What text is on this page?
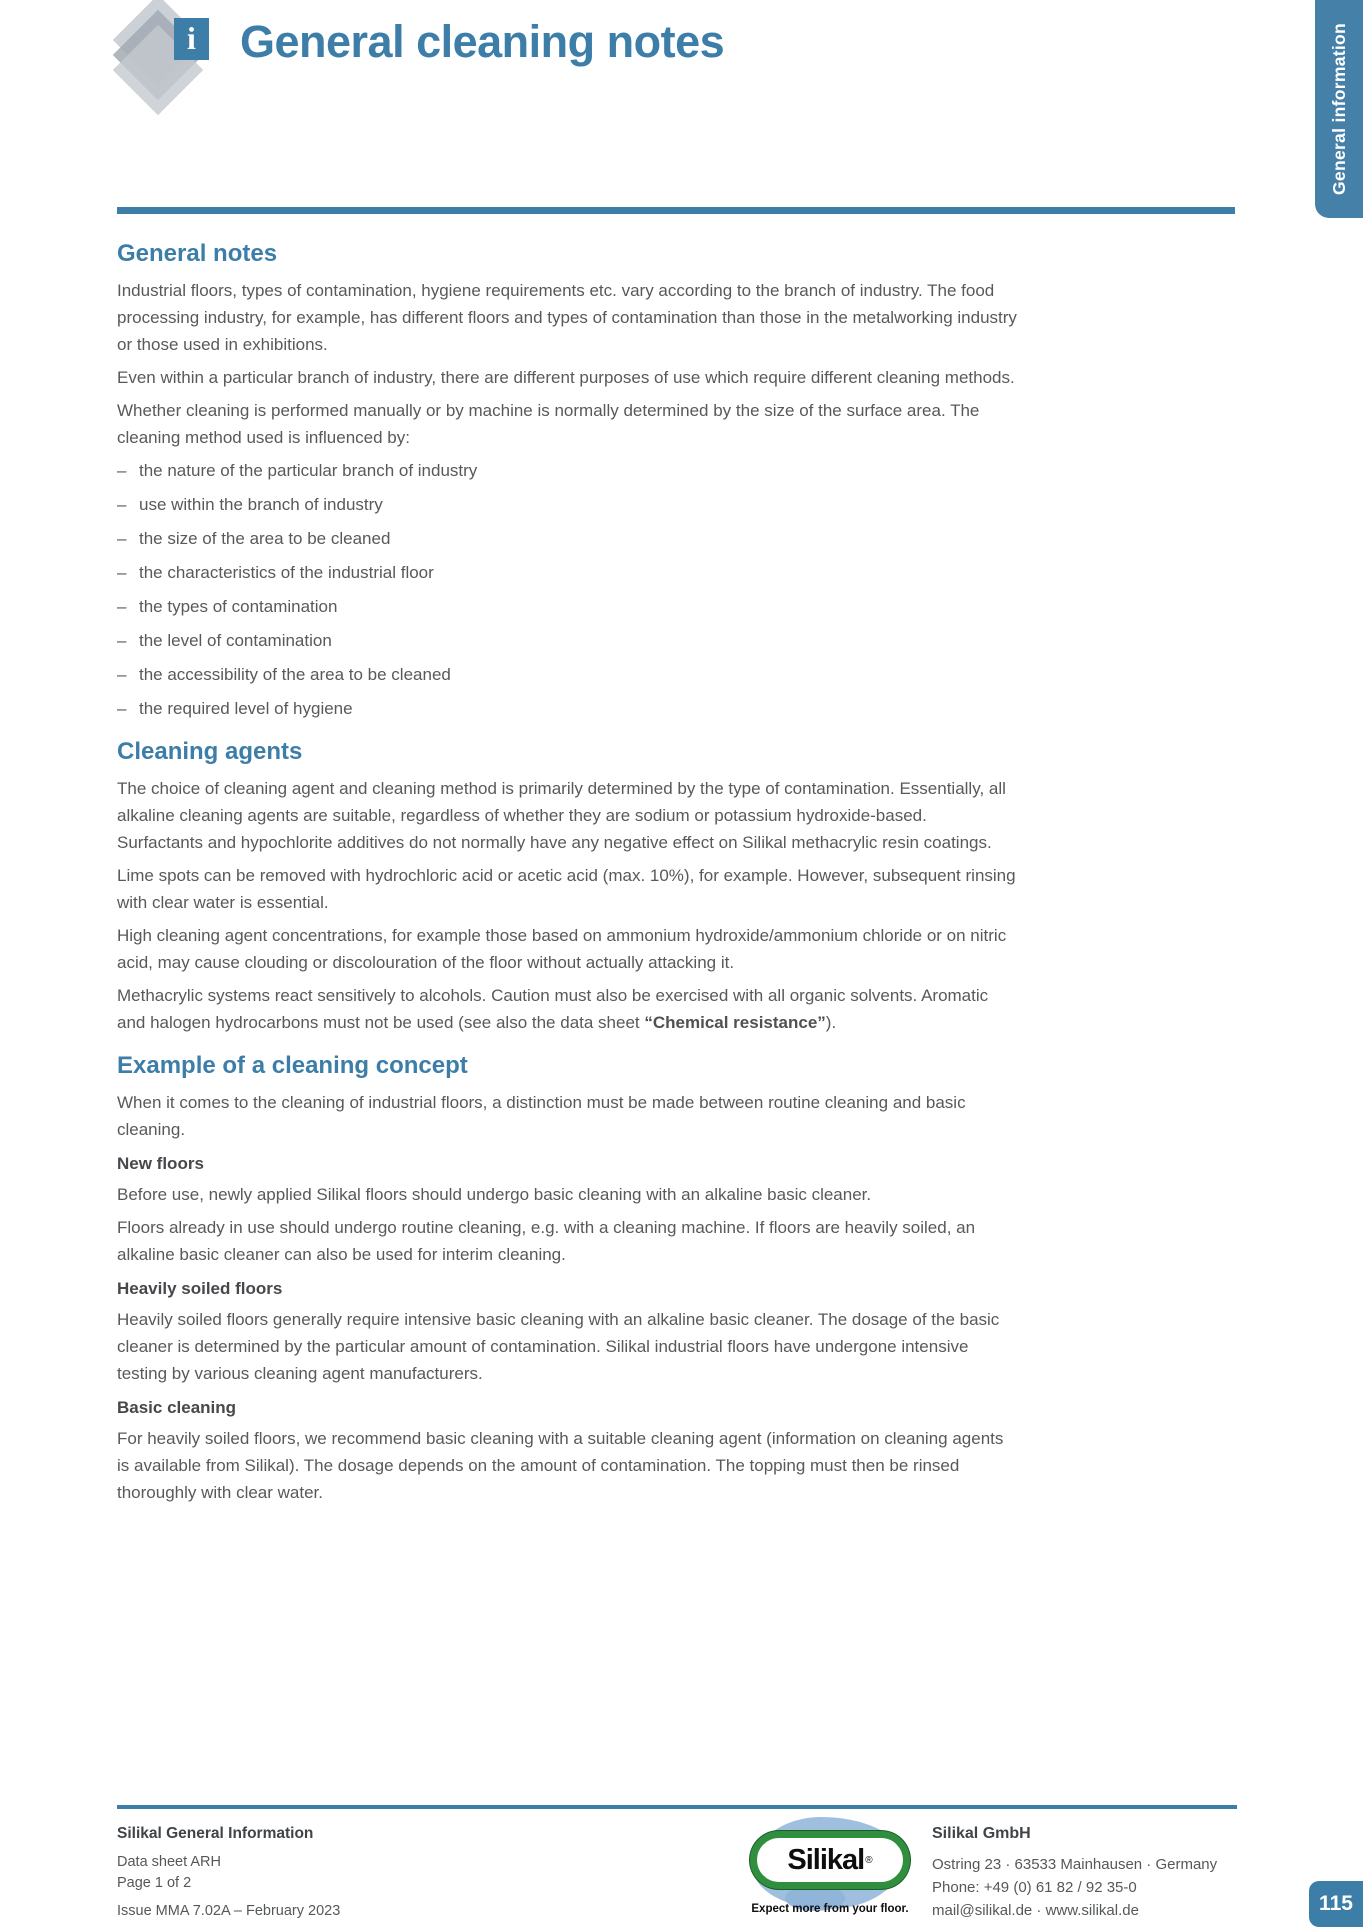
i General cleaning notes	General information
General notes

Industrial floors, types of contamination, hygiene requirements etc. vary according to the branch of industry. The food processing industry, for example, has different floors and types of contamination than those in the metalworking industry or those used in exhibitions.

Even within a particular branch of industry, there are different purposes of use which require different cleaning methods.

Whether cleaning is performed manually or by machine is normally determined by the size of the surface area. The cleaning method used is influenced by:

– the nature of the particular branch of industry
– use within the branch of industry
– the size of the area to be cleaned
– the characteristics of the industrial floor
– the types of contamination
– the level of contamination
– the accessibility of the area to be cleaned
– the required level of hygiene
Cleaning agents

The choice of cleaning agent and cleaning method is primarily determined by the type of contamination. Essentially, all alkaline cleaning agents are suitable, regardless of whether they are sodium or potassium hydroxide-based. Surfactants and hypochlorite additives do not normally have any negative effect on Silikal methacrylic resin coatings.

Lime spots can be removed with hydrochloric acid or acetic acid (max. 10%), for example. However, subsequent rinsing with clear water is essential.

High cleaning agent concentrations, for example those based on ammonium hydroxide/ammonium chloride or on nitric acid, may cause clouding or discolouration of the floor without actually attacking it.

Methacrylic systems react sensitively to alcohols. Caution must also be exercised with all organic solvents. Aromatic and halogen hydrocarbons must not be used (see also the data sheet “Chemical resistance”).

Example of a cleaning concept

When it comes to the cleaning of industrial floors, a distinction must be made between routine cleaning and basic cleaning.

New floors

Before use, newly applied Silikal floors should undergo basic cleaning with an alkaline basic cleaner.

Floors already in use should undergo routine cleaning, e.g. with a cleaning machine. If floors are heavily soiled, an alkaline basic cleaner can also be used for interim cleaning.

Heavily soiled floors

Heavily soiled floors generally require intensive basic cleaning with an alkaline basic cleaner. The dosage of the basic cleaner is determined by the particular amount of contamination. Silikal industrial floors have undergone intensive testing by various cleaning agent manufacturers.

Basic cleaning

For heavily soiled floors, we recommend basic cleaning with a suitable cleaning agent (information on cleaning agents is available from Silikal). The dosage depends on the amount of contamination. The topping must then be rinsed thoroughly with clear water.

Silikal General Information
Data sheet ARH
Page 1 of 2
Issue MMA 7.02A – February 2023
Silikal ®
Expect more from your floor.
Silikal GmbH
Ostring 23 · 63533 Mainhausen · Germany
Phone: +49 (0) 61 82 / 92 35-0
mail@silikal.de · www.silikal.de	115
